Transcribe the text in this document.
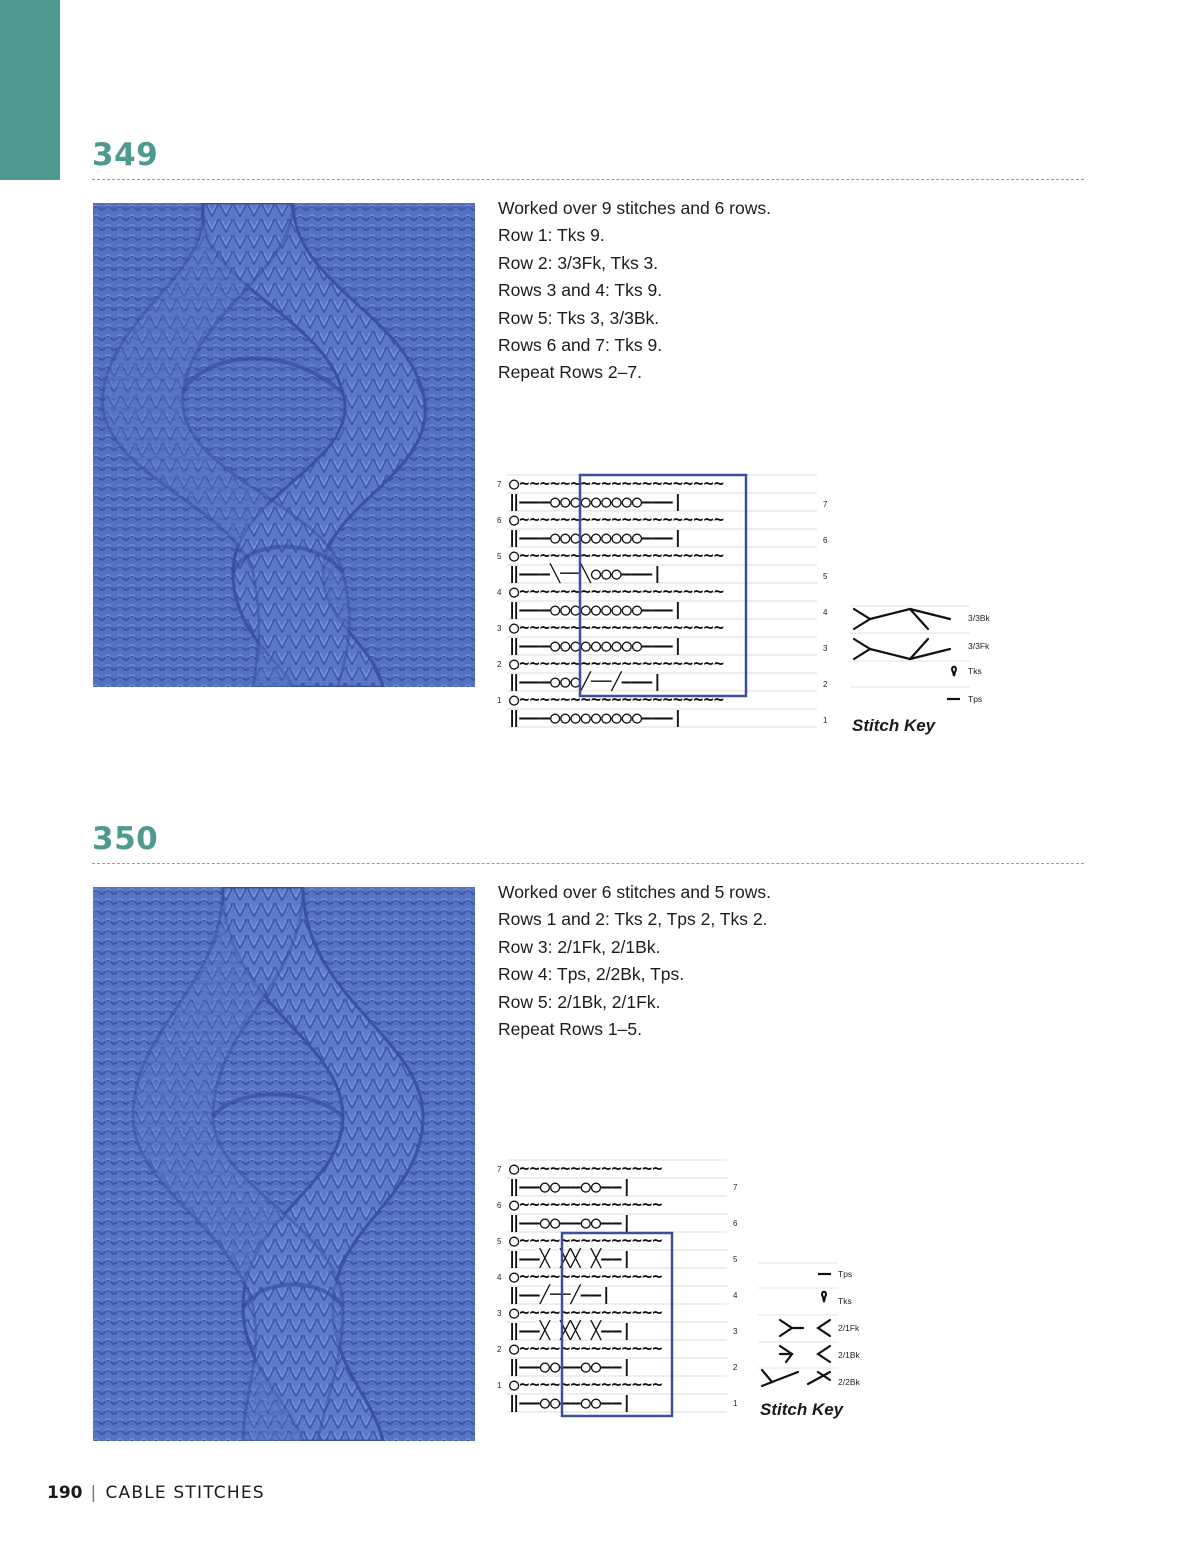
349
Worked over 9 stitches and 6 rows.
Row 1: Tks 9.
Row 2: 3/3Fk, Tks 3.
Rows 3 and 4: Tks 9.
Row 5: Tks 3, 3/3Bk.
Rows 6 and 7: Tks 9.
Repeat Rows 2–7.
○~~~~~~~~~~~~~~~~~~~~
‖———○○○○○○○○○———|
○~~~~~~~~~~~~~~~~~~~~
‖———○○○○○○○○○———|
○~~~~~~~~~~~~~~~~~~~~
‖———╲──╲○○○———|
○~~~~~~~~~~~~~~~~~~~~
‖———○○○○○○○○○———|
○~~~~~~~~~~~~~~~~~~~~
‖———○○○○○○○○○———|
○~~~~~~~~~~~~~~~~~~~~
‖———○○○╱──╱———|
○~~~~~~~~~~~~~~~~~~~~
‖———○○○○○○○○○———|
7
6
5
4
3
2
1
7
6
5
4
3
2
1
3/3Bk
3/3Fk
Tks
Tps
Stitch Key
350
Worked over 6 stitches and 5 rows.
Rows 1 and 2: Tks 2, Tps 2, Tks 2.
Row 3: 2/1Fk, 2/1Bk.
Row 4: Tps, 2/2Bk, Tps.
Row 5: 2/1Bk, 2/1Fk.
Repeat Rows 1–5.
○~~~~~~~~~~~~~~
‖——○○——○○——|
○~~~~~~~~~~~~~~
‖——○○——○○——|
○~~~~~~~~~~~~~~
‖——╳ ╳╳ ╳——|
○~~~~~~~~~~~~~~
‖——╱──╱——|
○~~~~~~~~~~~~~~
‖——╳ ╳╳ ╳——|
○~~~~~~~~~~~~~~
‖——○○——○○——|
○~~~~~~~~~~~~~~
‖——○○——○○——|
7
6
5
4
3
2
1
7
6
5
4
3
2
1
Tps
Tks
2/1Fk
2/1Bk
2/2Bk
Stitch Key
190 | CABLE STITCHES
